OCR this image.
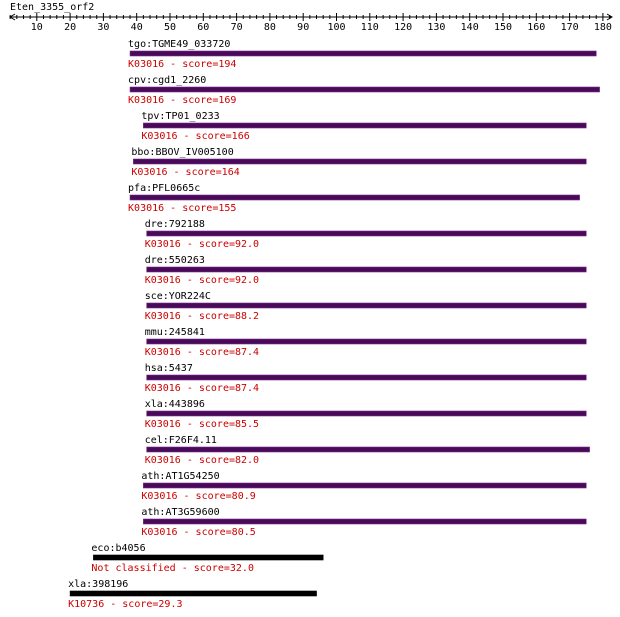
Eten_3355_orf2
10 20 30 40 50 60 70 80 90 100 110 120 130 140 150 160 170 180
tgo:TGME49_033720
K03016 - score=194
cpv:cgd1_2260
K03016 - score=169
tpv:TP01_0233
K03016 - score=166
bbo:BBOV_IV005100
K03016 - score=164
pfa:PFL0665c
K03016 - score=155
dre:792188
K03016 - score=92.0
dre:550263
K03016 - score=92.0
sce:YOR224C
K03016 - score=88.2
mmu:245841
K03016 - score=87.4
hsa:5437
K03016 - score=87.4
xla:443896
K03016 - score=85.5
cel:F26F4.11
K03016 - score=82.0
ath:AT1G54250
K03016 - score=80.9
ath:AT3G59600
K03016 - score=80.5
eco:b4056
Not classified - score=32.0
xla:398196
K10736 - score=29.3
